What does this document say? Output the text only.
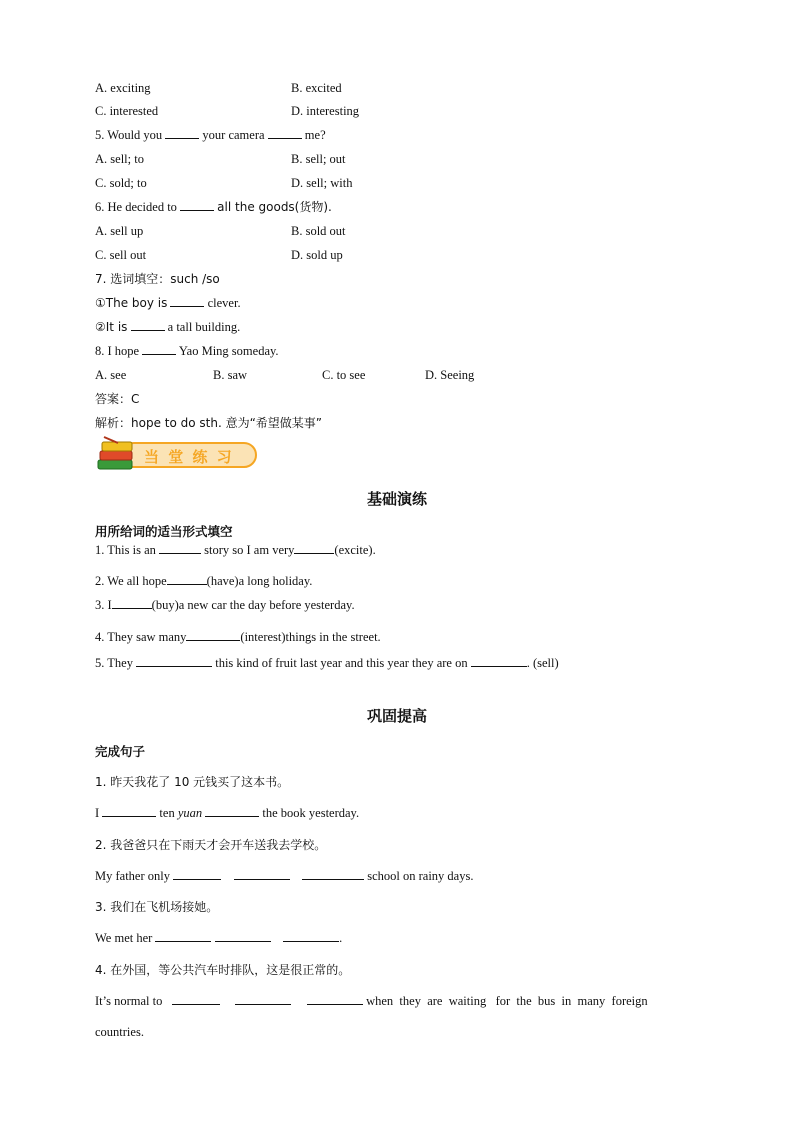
A. exciting	B. excited
C. interested	D. interesting
5. Would you	your camera	me?
A. sell; to	B. sell; out
C. sold; to	D. sell; with
6. He decided to	all the goods(货物).
A. sell up	B. sold out
C. sell out	D. sold up
7. 选词填空：such /so
①The boy is	clever.
②It is	a tall building.
8. I hope	Yao Ming someday.
A. see	B. saw	C. to see	D. Seeing
答案：C
解析：hope to do sth. 意为“希望做某事”
当 堂 练 习
基础演练
用所给词的适当形式填空
1. This is an	story so I am very	(excite).
2. We all hope	(have)a long holiday.
3. I	(buy)a new car the day before yesterday.
4. They saw many	(interest)things in the street.
5. They	this kind of fruit last year and this year they are on	. (sell)
巩固提高
完成句子
1. 昨天我花了 10 元钱买了这本书。
I	ten yuan	the book yesterday.
2. 我爸爸只在下雨天才会开车送我去学校。
My father only	school on rainy days.
3. 我们在飞机场接她。
We met her	.
4. 在外国，等公共汽车时排队，这是很正常的。
It’s normal to	when  they  are  waiting   for  the  bus  in  many  foreign
countries.
